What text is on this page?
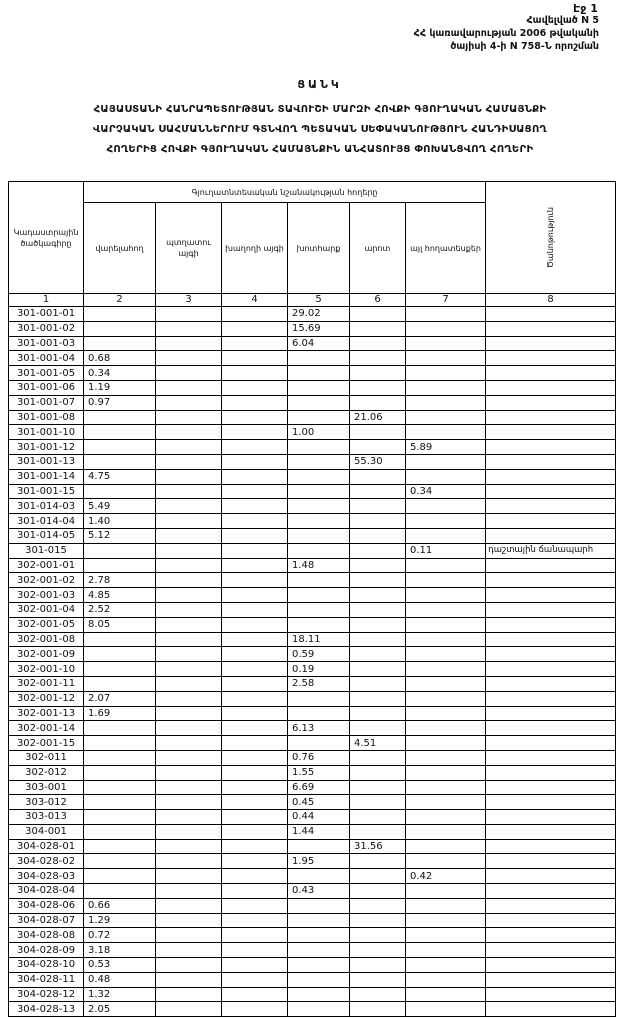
Էջ 1
Հավելված N 5
ՀՀ կառավարության 2006 թվականի
ծայիսի 4-ի N 758-Ն որոշման
ՑԱՆԿ
ՀԱՅԱՍՏԱՆԻ ՀԱՆՐԱՊԵՏՈՒԹՅԱՆ ՏԱՎՈՒՇԻ ՄԱՐԶԻ ՀՈՎՔԻ ԳՅՈՒՂԱԿԱՆ ՀԱՄԱՅՆՔԻ
ՎԱՐՉԱԿԱՆ ՍԱՀՄԱՆՆԵՐՈՒՄ ԳՏՆՎՈՂ ՊԵՏԱԿԱՆ ՍԵՓԱԿԱՆՈՒԹՅՈՒՆ ՀԱՆԴԻՍԱՑՈՂ
ՀՈՂԵՐԻՑ ՀՈՎՔԻ ԳՅՈՒՂԱԿԱՆ ՀԱՄԱՅՆՔԻՆ ԱՆՀԱՏՈՒՅՑ ՓՈԽԱՆՑՎՈՂ ՀՈՂԵՐԻ
Կադաստրային ծածկագիրը	Գյուղատնտեսական նշանակության հողերը						Ծանոթություն
	վարելահող	պտղատու այգի	խաղողի այգի	խոտհարք	արոտ	այլ հողատեսքեր	
1	2	3	4	5	6	7	8
301-001-01				29.02			
301-001-02				15.69			
301-001-03				6.04			
301-001-04	0.68						
301-001-05	0.34						
301-001-06	1.19						
301-001-07	0.97						
301-001-08					21.06		
301-001-10				1.00			
301-001-12						5.89	
301-001-13					55.30		
301-001-14	4.75						
301-001-15						0.34	
301-014-03	5.49						
301-014-04	1.40						
301-014-05	5.12						
301-015						0.11	դաշտային ճանապարհ
302-001-01				1.48			
302-001-02	2.78						
302-001-03	4.85						
302-001-04	2.52						
302-001-05	8.05						
302-001-08				18.11			
302-001-09				0.59			
302-001-10				0.19			
302-001-11				2.58			
302-001-12	2.07						
302-001-13	1.69						
302-001-14				6.13			
302-001-15					4.51		
302-011				0.76			
302-012				1.55			
303-001				6.69			
303-012				0.45			
303-013				0.44			
304-001				1.44			
304-028-01					31.56		
304-028-02				1.95			
304-028-03						0.42	
304-028-04				0.43			
304-028-06	0.66						
304-028-07	1.29						
304-028-08	0.72						
304-028-09	3.18						
304-028-10	0.53						
304-028-11	0.48						
304-028-12	1.32						
304-028-13	2.05						
